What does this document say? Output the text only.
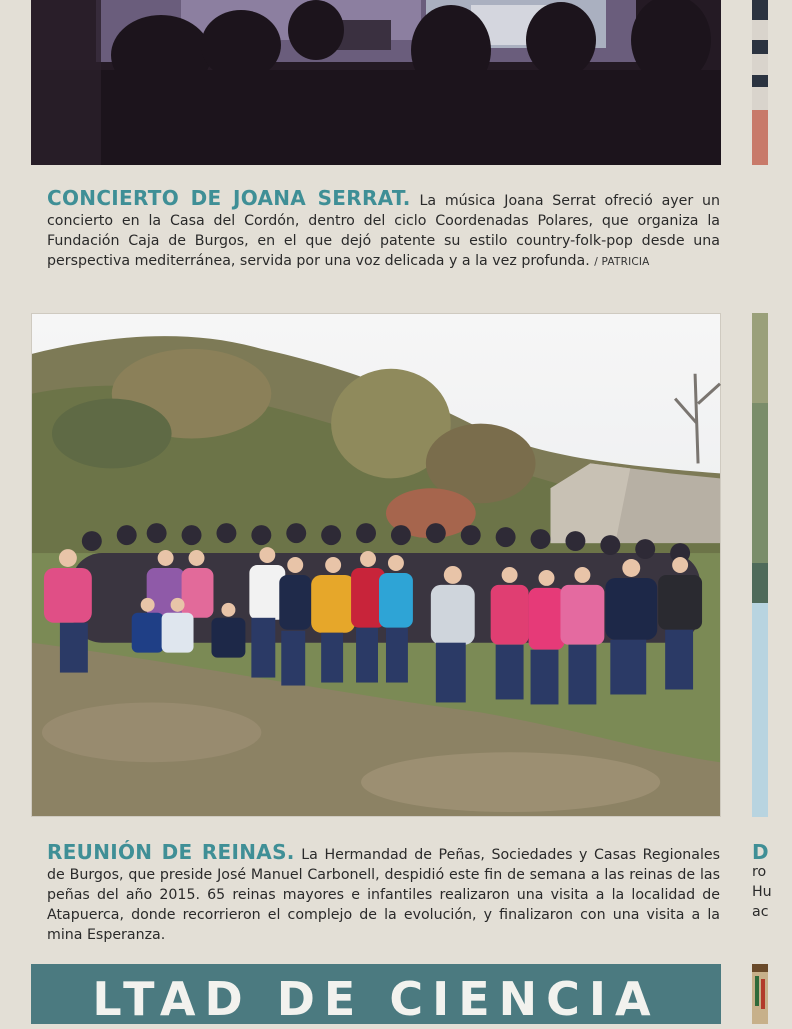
CONCIERTO DE JOANA SERRAT. La música Joana Serrat ofreció ayer un concierto en la Casa del Cordón, dentro del ciclo Coordenadas Polares, que organiza la Fundación Caja de Burgos, en el que dejó patente su estilo country-folk-pop desde una perspectiva mediterránea, servida por una voz delicada y a la vez profunda. / PATRICIA
REUNIÓN DE REINAS. La Hermandad de Peñas, Sociedades y Casas Regionales de Burgos, que preside José Manuel Carbonell, despidió este fin de semana a las reinas de las peñas del año 2015. 65 reinas mayores e infantiles realizaron una visita a la localidad de Atapuerca, donde recorrieron el complejo de la evolución, y finalizaron con una visita a la mina Esperanza.
D
ro
Hu
ac
LTAD DE CIENCIA
